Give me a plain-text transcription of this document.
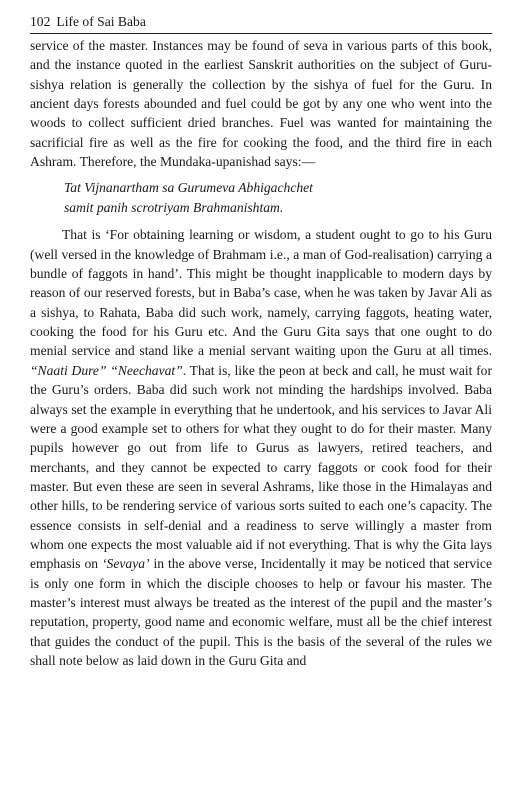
102 Life of Sai Baba

service of the master. Instances may be found of seva in various parts of this book, and the instance quoted in the earliest Sanskrit authorities on the subject of Guru-sishya relation is generally the collection by the sishya of fuel for the Guru. In ancient days forests abounded and fuel could be got by any one who went into the woods to collect sufficient dried branches. Fuel was wanted for maintaining the sacrificial fire as well as the fire for cooking the food, and the third fire in each Ashram. Therefore, the Mundaka-upanishad says:—

Tat Vijnanartham sa Gurumeva Abhigachchet
samit panih scrotriyam Brahmanishtam.

That is ‘For obtaining learning or wisdom, a student ought to go to his Guru (well versed in the knowledge of Brahmam i.e., a man of God-realisation) carrying a bundle of faggots in hand’. This might be thought inapplicable to modern days by reason of our reserved forests, but in Baba’s case, when he was taken by Javar Ali as a sishya, to Rahata, Baba did such work, namely, carrying faggots, heating water, cooking the food for his Guru etc. And the Guru Gita says that one ought to do menial service and stand like a menial servant waiting upon the Guru at all times. “Naati Dure” “Neechavat”. That is, like the peon at beck and call, he must wait for the Guru’s orders. Baba did such work not minding the hardships involved. Baba always set the example in everything that he undertook, and his services to Javar Ali were a good example set to others for what they ought to do for their master. Many pupils however go out from life to Gurus as lawyers, retired teachers, and merchants, and they cannot be expected to carry faggots or cook food for their master. But even these are seen in several Ashrams, like those in the Himalayas and other hills, to be rendering service of various sorts suited to each one’s capacity. The essence consists in self-denial and a readiness to serve willingly a master from whom one expects the most valuable aid if not everything. That is why the Gita lays emphasis on ‘Sevaya’ in the above verse, Incidentally it may be noticed that service is only one form in which the disciple chooses to help or favour his master. The master’s interest must always be treated as the interest of the pupil and the master’s reputation, property, good name and economic welfare, must all be the chief interest that guides the conduct of the pupil. This is the basis of the several of the rules we shall note below as laid down in the Guru Gita and
